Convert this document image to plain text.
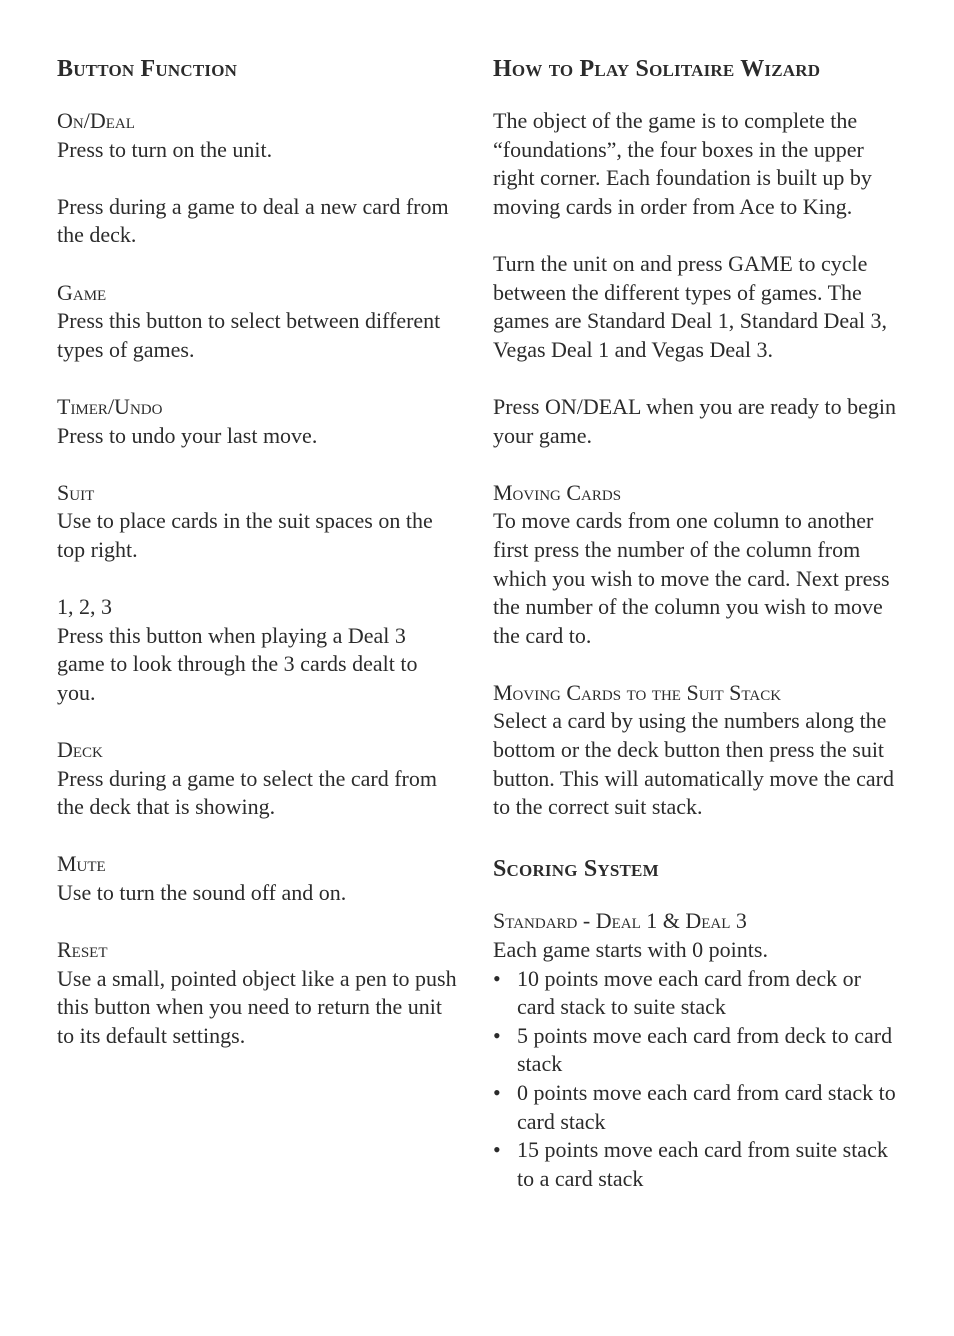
Button Function
On/Deal

Press to turn on the unit.

Press during a game to deal a new card from the deck.

Game

Press this button to select between different types of games.

Timer/Undo

Press to undo your last move.

Suit

Use to place cards in the suit spaces on the top right.

1, 2, 3

Press this button when playing a Deal 3 game to look through the 3 cards dealt to you.

Deck

Press during a game to select the card from the deck that is showing.

Mute

Use to turn the sound off and on.

Reset

Use a small, pointed object like a pen to push this button when you need to return the unit to its default settings.

How to Play Solitaire Wizard

The object of the game is to complete the “foundations”, the four boxes in the upper right corner. Each foundation is built up by moving cards in order from Ace to King.

Turn the unit on and press GAME to cycle between the different types of games. The games are Standard Deal 1, Standard Deal 3, Vegas Deal 1 and Vegas Deal 3.

Press ON/DEAL when you are ready to begin your game.

Moving Cards

To move cards from one column to another first press the number of the column from which you wish to move the card. Next press the number of the column you wish to move the card to.

Moving Cards to the Suit Stack

Select a card by using the numbers along the bottom or the deck button then press the suit button. This will automatically move the card to the correct suit stack.

Scoring System
Standard - Deal 1 & Deal 3

Each game starts with 0 points.

• 10 points move each card from deck or card stack to suite stack
• 5 points move each card from deck to card stack
• 0 points move each card from card stack to card stack
• 15 points move each card from suite stack to a card stack
